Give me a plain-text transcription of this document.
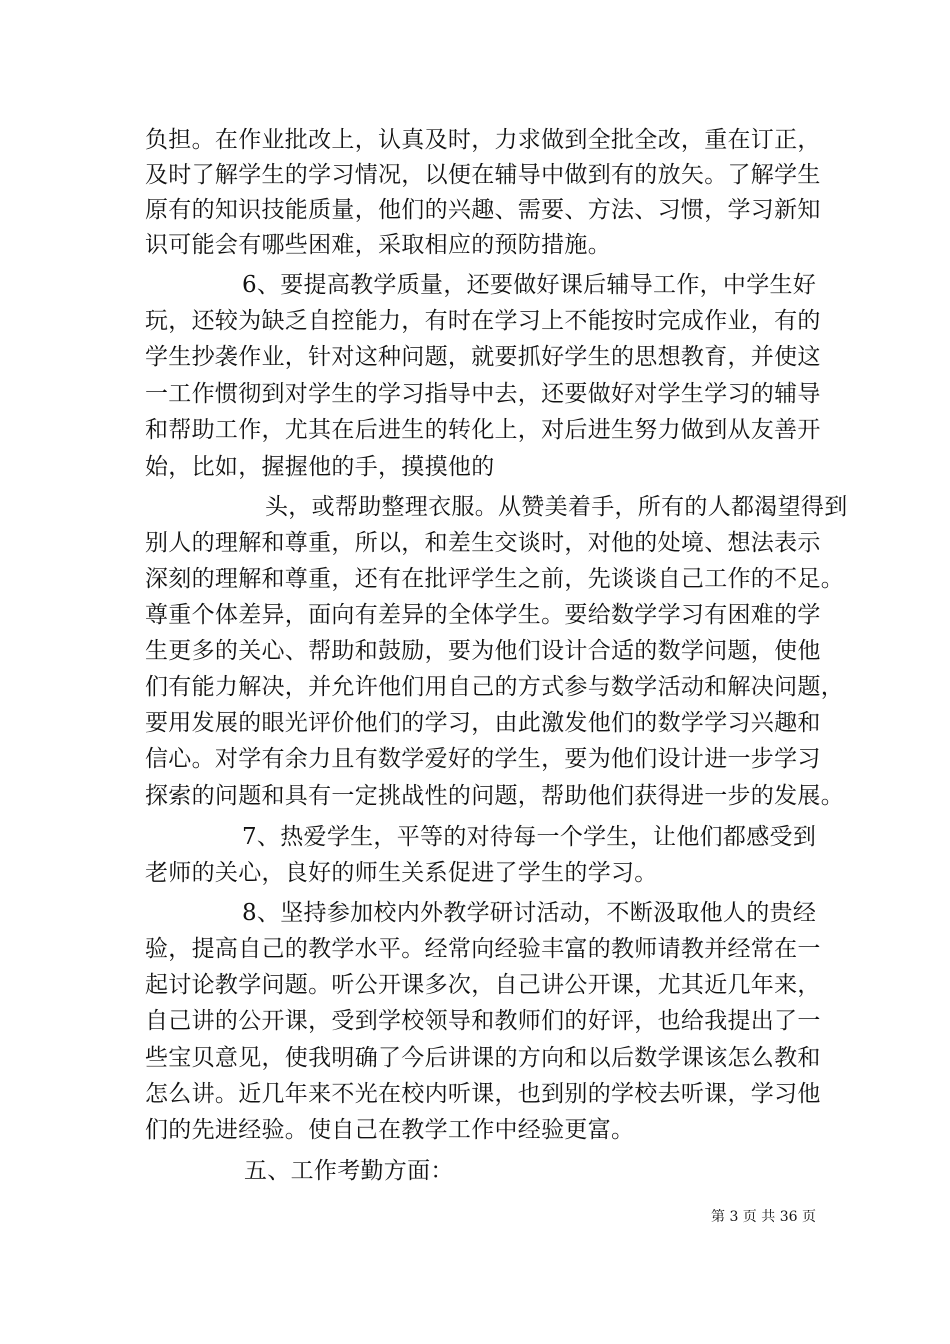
负担。在作业批改上，认真及时，力求做到全批全改，重在订正，
及时了解学生的学习情况，以便在辅导中做到有的放矢。了解学生
原有的知识技能质量，他们的兴趣、需要、方法、习惯，学习新知
识可能会有哪些困难，采取相应的预防措施。
6、要提高教学质量，还要做好课后辅导工作，中学生好
玩，还较为缺乏自控能力，有时在学习上不能按时完成作业，有的
学生抄袭作业，针对这种问题，就要抓好学生的思想教育，并使这
一工作惯彻到对学生的学习指导中去，还要做好对学生学习的辅导
和帮助工作，尤其在后进生的转化上，对后进生努力做到从友善开
始，比如，握握他的手，摸摸他的
头，或帮助整理衣服。从赞美着手，所有的人都渴望得到
别人的理解和尊重，所以，和差生交谈时，对他的处境、想法表示
深刻的理解和尊重，还有在批评学生之前，先谈谈自己工作的不足。
尊重个体差异，面向有差异的全体学生。要给数学学习有困难的学
生更多的关心、帮助和鼓励，要为他们设计合适的数学问题，使他
们有能力解决，并允许他们用自己的方式参与数学活动和解决问题，
要用发展的眼光评价他们的学习，由此激发他们的数学学习兴趣和
信心。对学有余力且有数学爱好的学生，要为他们设计进一步学习
探索的问题和具有一定挑战性的问题，帮助他们获得进一步的发展。
7、热爱学生，平等的对待每一个学生，让他们都感受到
老师的关心，良好的师生关系促进了学生的学习。
8、坚持参加校内外教学研讨活动，不断汲取他人的贵经
验，提高自己的教学水平。经常向经验丰富的教师请教并经常在一
起讨论教学问题。听公开课多次，自己讲公开课，尤其近几年来，
自己讲的公开课，受到学校领导和教师们的好评，也给我提出了一
些宝贝意见，使我明确了今后讲课的方向和以后数学课该怎么教和
怎么讲。近几年来不光在校内听课，也到别的学校去听课，学习他
们的先进经验。使自己在教学工作中经验更富。
五、工作考勤方面：
第 3 页 共 36 页
